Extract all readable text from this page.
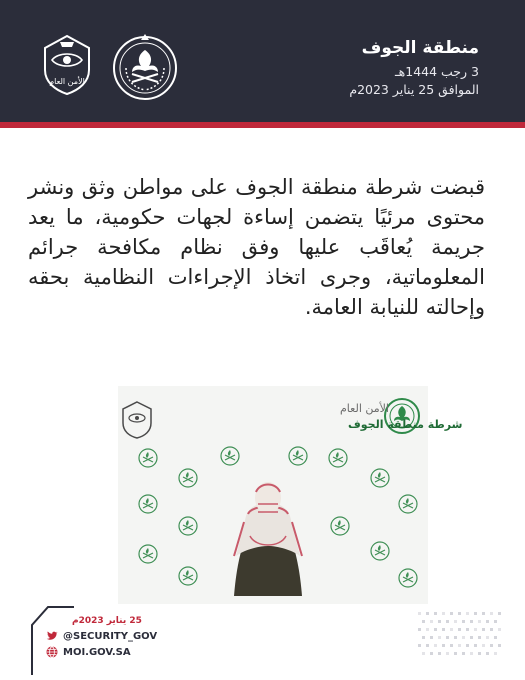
منطقة الجوف
3 رجب 1444هـ
الموافق 25 يناير 2023م
الأمن العام
قبضت شرطة منطقة الجوف على مواطن وثق ونشر محتوى مرئيًا يتضمن إساءة لجهات حكومية، ما يعد جريمة يُعاقَب عليها وفق نظام مكافحة جرائم المعلوماتية، وجرى اتخاذ الإجراءات النظامية بحقه وإحالته للنيابة العامة.
الأمن العام
شرطة منطقة الجوف
25 يناير 2023م
@SECURITY_GOV
MOI.GOV.SA
